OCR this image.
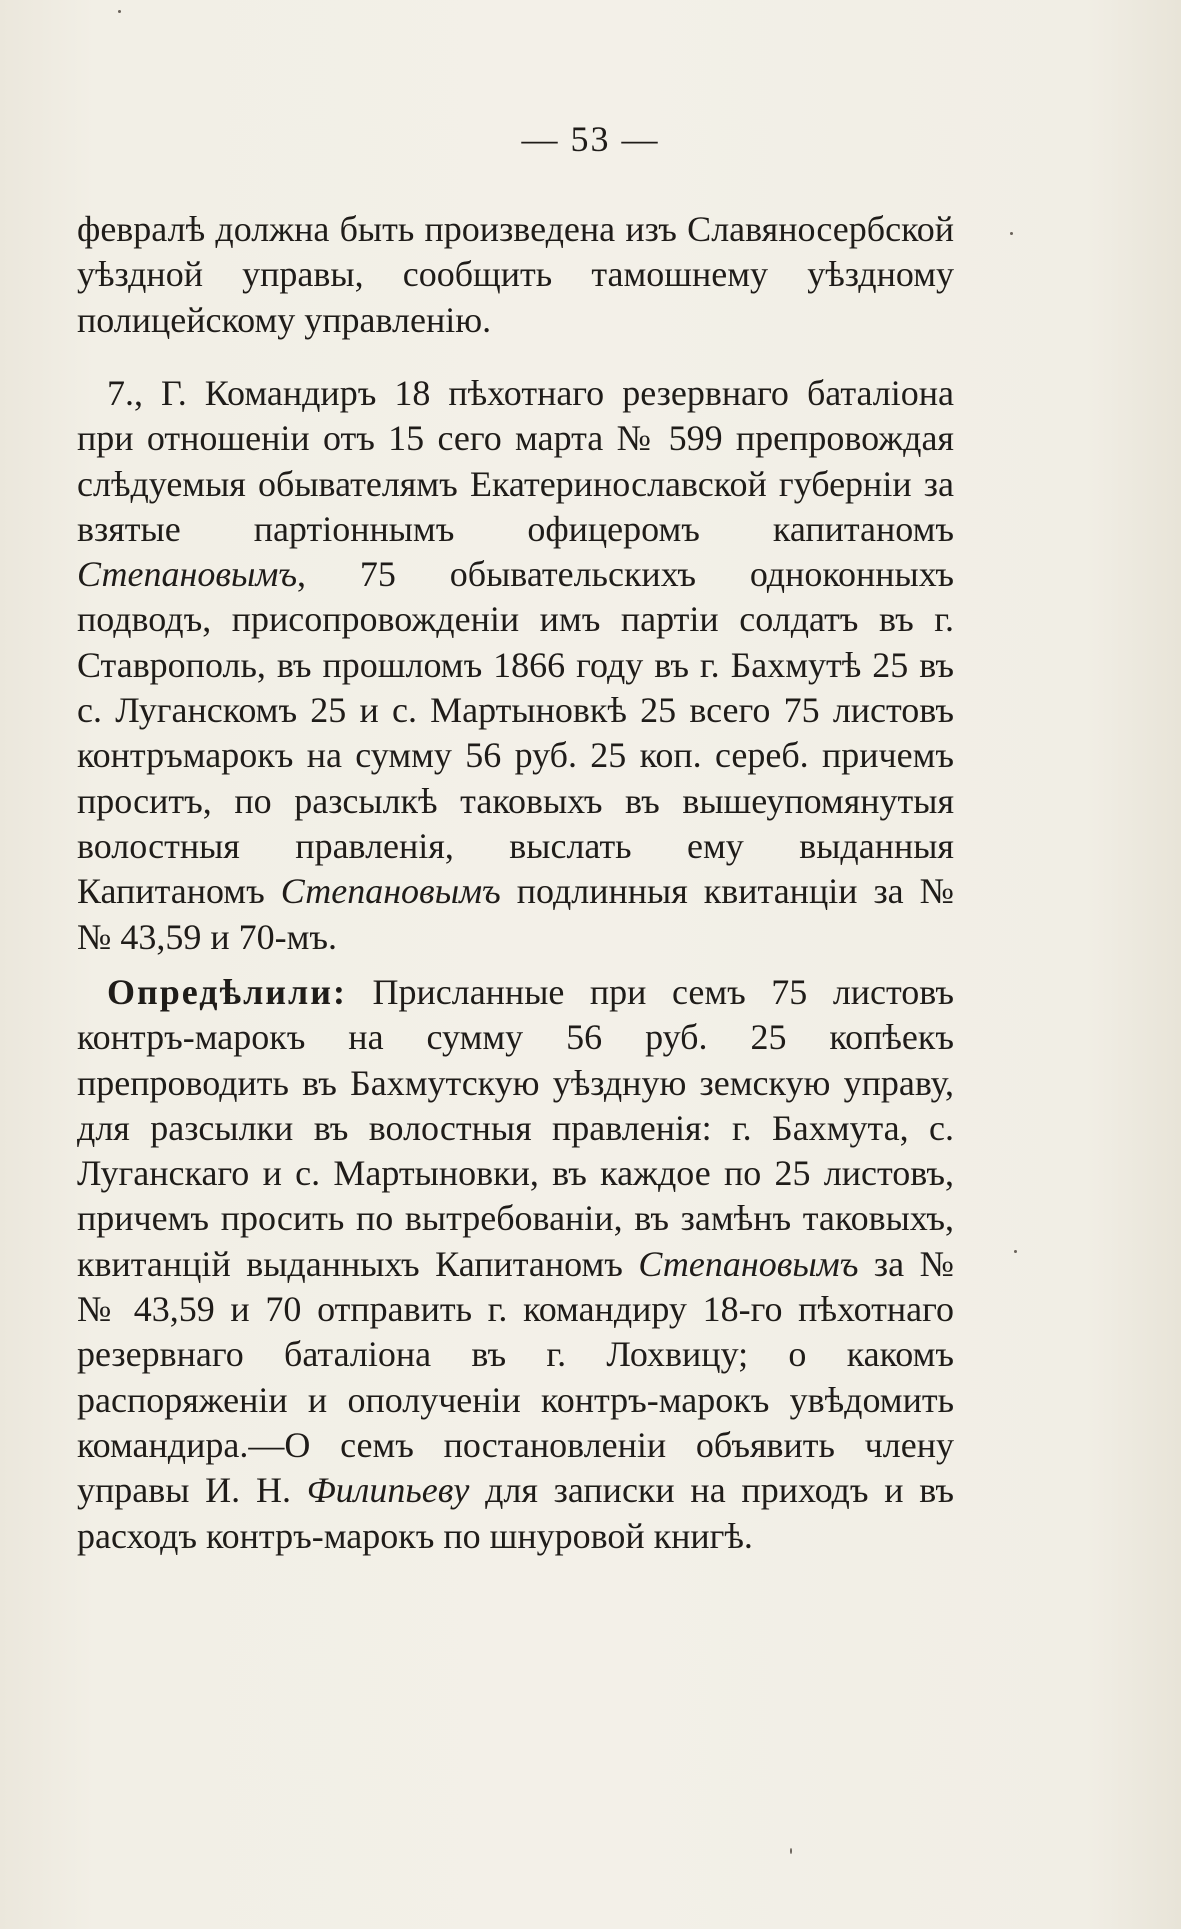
— 53 —

февралѣ должна быть произведена изъ Славяносербской уѣздной управы, сообщить тамошнему уѣздному полицейскому управленію.

7., Г. Командиръ 18 пѣхотнаго резервнаго баталіона при отношеніи отъ 15 сего марта № 599 препровождая слѣдуемыя обывателямъ Екатеринославской губерніи за взятые партіоннымъ офицеромъ капитаномъ Степановымъ, 75 обывательскихъ одноконныхъ подводъ, присопровожденіи имъ партіи солдатъ въ г. Ставрополь, въ прошломъ 1866 году въ г. Бахмутѣ 25 въ с. Луганскомъ 25 и с. Мартыновкѣ 25 всего 75 листовъ контръмарокъ на сумму 56 руб. 25 коп. сереб. причемъ проситъ, по разсылкѣ таковыхъ въ вышеупомянутыя волостныя правленія, выслать ему выданныя Капитаномъ Степановымъ подлинныя квитанціи за № № 43,59 и 70-мъ.

Опредѣлили: Присланные при семъ 75 листовъ контръ-марокъ на сумму 56 руб. 25 копѣекъ препроводить въ Бахмутскую уѣздную земскую управу, для разсылки въ волостныя правленія: г. Бахмута, с. Луганскаго и с. Мартыновки, въ каждое по 25 листовъ, причемъ просить по вытребованіи, въ замѣнъ таковыхъ, квитанцій выданныхъ Капитаномъ Степановымъ за № № 43,59 и 70 отправить г. командиру 18-го пѣхотнаго резервнаго баталіона въ г. Лохвицу; о какомъ распоряженіи и ополученіи контръ-марокъ увѣдомить командира.—О семъ постановленіи объявить члену управы И. Н. Филипьеву для записки на приходъ и въ расходъ контръ-марокъ по шнуровой книгѣ.
